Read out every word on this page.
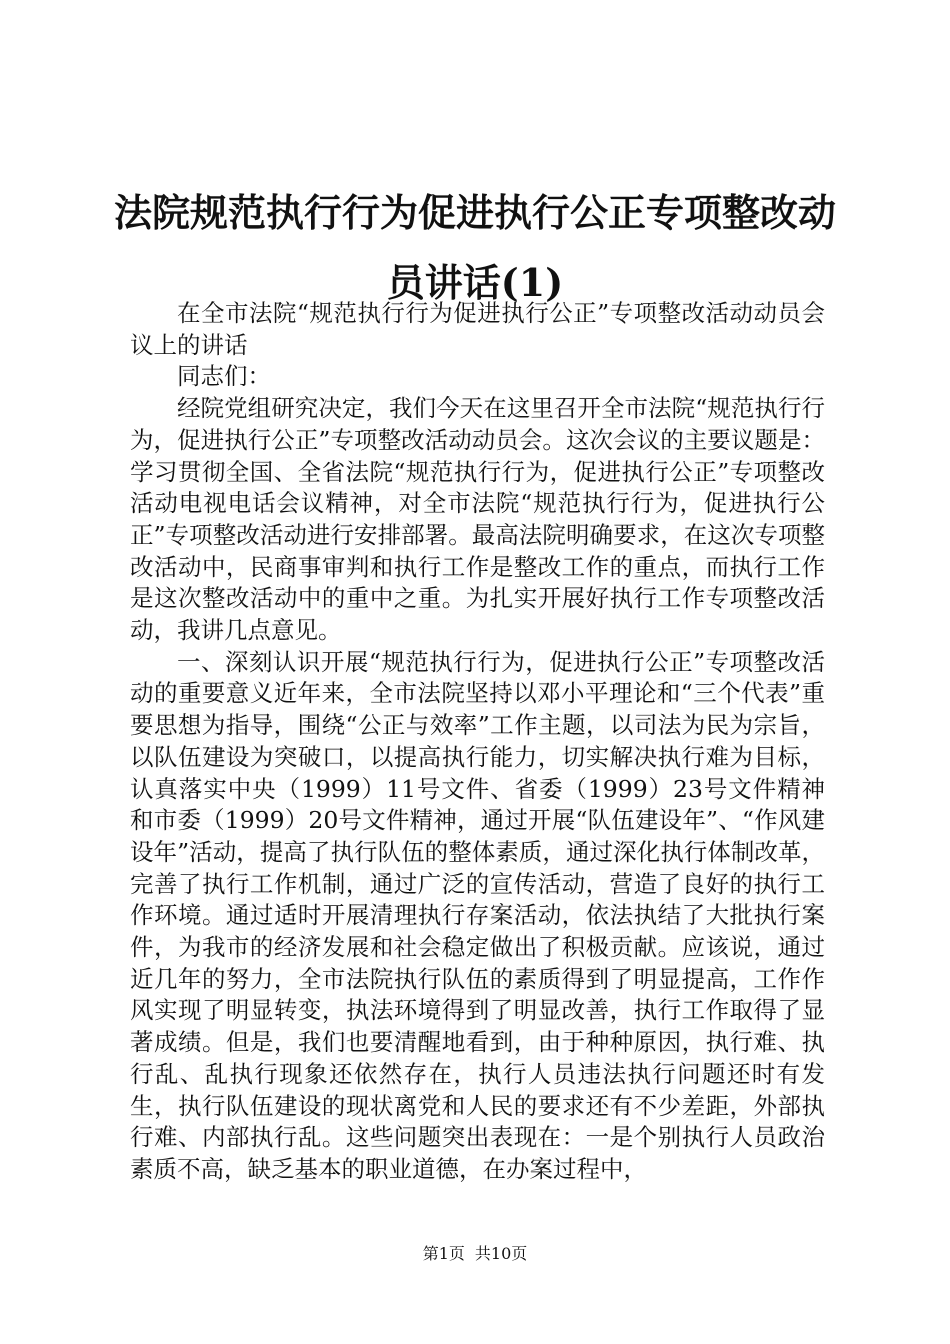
法院规范执行行为促进执行公正专项整改动员讲话(1)

在全市法院“规范执行行为促进执行公正”专项整改活动动员会议上的讲话

同志们：

经院党组研究决定，我们今天在这里召开全市法院“规范执行行为，促进执行公正”专项整改活动动员会。这次会议的主要议题是：学习贯彻全国、全省法院“规范执行行为，促进执行公正”专项整改活动电视电话会议精神，对全市法院“规范执行行为，促进执行公正”专项整改活动进行安排部署。最高法院明确要求，在这次专项整改活动中，民商事审判和执行工作是整改工作的重点，而执行工作是这次整改活动中的重中之重。为扎实开展好执行工作专项整改活动，我讲几点意见。

一、深刻认识开展“规范执行行为，促进执行公正”专项整改活动的重要意义近年来，全市法院坚持以邓小平理论和“三个代表”重要思想为指导，围绕“公正与效率”工作主题，以司法为民为宗旨，以队伍建设为突破口，以提高执行能力，切实解决执行难为目标，认真落实中央（1999）11号文件、省委（1999）23号文件精神和市委（1999）20号文件精神，通过开展“队伍建设年”、“作风建设年”活动，提高了执行队伍的整体素质，通过深化执行体制改革，完善了执行工作机制，通过广泛的宣传活动，营造了良好的执行工作环境。通过适时开展清理执行存案活动，依法执结了大批执行案件，为我市的经济发展和社会稳定做出了积极贡献。应该说，通过近几年的努力，全市法院执行队伍的素质得到了明显提高，工作作风实现了明显转变，执法环境得到了明显改善，执行工作取得了显著成绩。但是，我们也要清醒地看到，由于种种原因，执行难、执行乱、乱执行现象还依然存在，执行人员违法执行问题还时有发生，执行队伍建设的现状离党和人民的要求还有不少差距，外部执行难、内部执行乱。这些问题突出表现在：一是个别执行人员政治素质不高，缺乏基本的职业道德，在办案过程中，

第1页 共10页
